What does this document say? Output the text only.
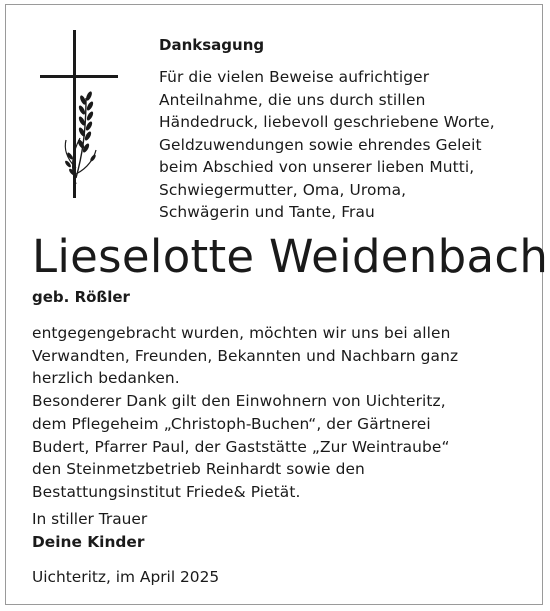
Danksagung
Für die vielen Beweise aufrichtiger
Anteilnahme, die uns durch stillen
Händedruck, liebevoll geschriebene Worte,
Geldzuwendungen sowie ehrendes Geleit
beim Abschied von unserer lieben Mutti,
Schwiegermutter, Oma, Uroma,
Schwägerin und Tante, Frau
Lieselotte Weidenbach
geb. Rößler
entgegengebracht wurden, möchten wir uns bei allen
Verwandten, Freunden, Bekannten und Nachbarn ganz
herzlich bedanken.
Besonderer Dank gilt den Einwohnern von Uichteritz,
dem Pflegeheim „Christoph-Buchen“, der Gärtnerei
Budert, Pfarrer Paul, der Gaststätte „Zur Weintraube“
den Steinmetzbetrieb Reinhardt sowie den
Bestattungsinstitut Friede& Pietät.
In stiller Trauer
Deine Kinder
Uichteritz, im April 2025
